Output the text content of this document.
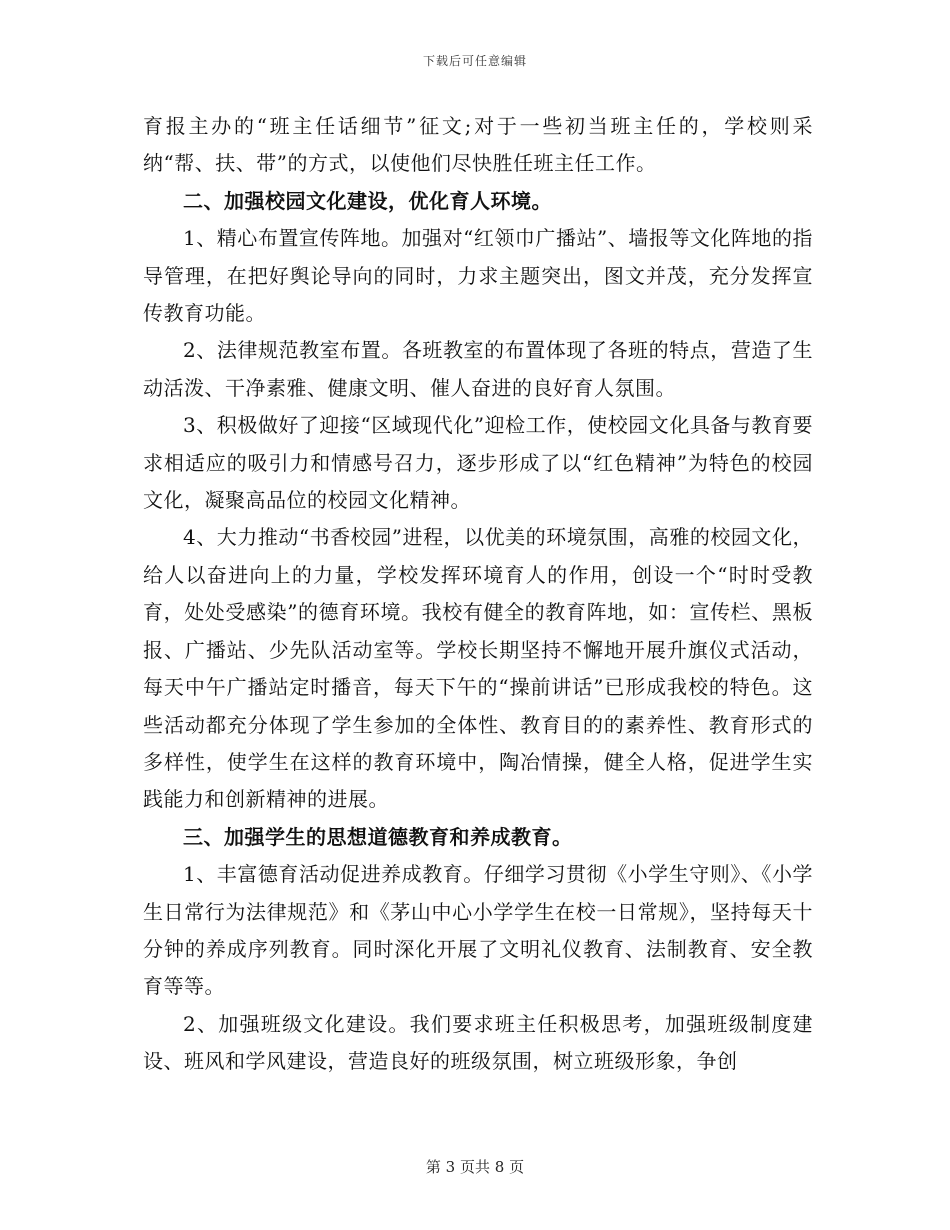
下载后可任意编辑

育报主办的“班主任话细节”征文;对于一些初当班主任的，学校则采纳“帮、扶、带”的方式，以使他们尽快胜任班主任工作。

二、加强校园文化建设，优化育人环境。

1、精心布置宣传阵地。加强对“红领巾广播站”、墙报等文化阵地的指导管理，在把好舆论导向的同时，力求主题突出，图文并茂，充分发挥宣传教育功能。

2、法律规范教室布置。各班教室的布置体现了各班的特点，营造了生动活泼、干净素雅、健康文明、催人奋进的良好育人氛围。

3、积极做好了迎接“区域现代化”迎检工作，使校园文化具备与教育要求相适应的吸引力和情感号召力，逐步形成了以“红色精神”为特色的校园文化，凝聚高品位的校园文化精神。

4、大力推动“书香校园”进程，以优美的环境氛围，高雅的校园文化，给人以奋进向上的力量，学校发挥环境育人的作用，创设一个“时时受教育，处处受感染”的德育环境。我校有健全的教育阵地，如：宣传栏、黑板报、广播站、少先队活动室等。学校长期坚持不懈地开展升旗仪式活动，每天中午广播站定时播音，每天下午的“操前讲话”已形成我校的特色。这些活动都充分体现了学生参加的全体性、教育目的的素养性、教育形式的多样性，使学生在这样的教育环境中，陶冶情操，健全人格，促进学生实践能力和创新精神的进展。

三、加强学生的思想道德教育和养成教育。

1、丰富德育活动促进养成教育。仔细学习贯彻《小学生守则》、《小学生日常行为法律规范》和《茅山中心小学学生在校一日常规》，坚持每天十分钟的养成序列教育。同时深化开展了文明礼仪教育、法制教育、安全教育等等。

2、加强班级文化建设。我们要求班主任积极思考，加强班级制度建设、班风和学风建设，营造良好的班级氛围，树立班级形象，争创

第 3 页共 8 页
